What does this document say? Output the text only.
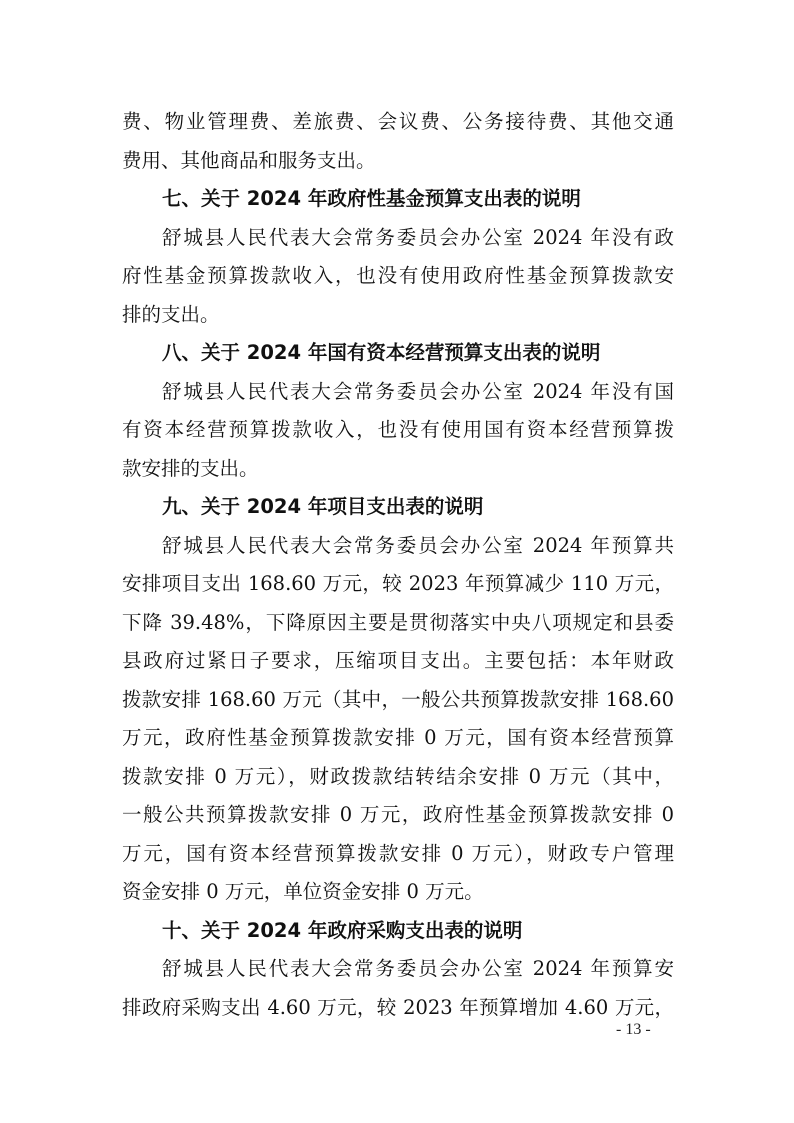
费、物业管理费、差旅费、会议费、公务接待费、其他交通
费用、其他商品和服务支出。
七、关于 2024 年政府性基金预算支出表的说明
舒城县人民代表大会常务委员会办公室 2024 年没有政
府性基金预算拨款收入，也没有使用政府性基金预算拨款安
排的支出。
八、关于 2024 年国有资本经营预算支出表的说明
舒城县人民代表大会常务委员会办公室 2024 年没有国
有资本经营预算拨款收入，也没有使用国有资本经营预算拨
款安排的支出。
九、关于 2024 年项目支出表的说明
舒城县人民代表大会常务委员会办公室 2024 年预算共
安排项目支出 168.60 万元，较 2023 年预算减少 110 万元，
下降 39.48%，下降原因主要是贯彻落实中央八项规定和县委
县政府过紧日子要求，压缩项目支出。主要包括：本年财政
拨款安排 168.60 万元（其中，一般公共预算拨款安排 168.60
万元，政府性基金预算拨款安排 0 万元，国有资本经营预算
拨款安排 0 万元），财政拨款结转结余安排 0 万元（其中，
一般公共预算拨款安排 0 万元，政府性基金预算拨款安排 0
万元，国有资本经营预算拨款安排 0 万元），财政专户管理
资金安排 0 万元，单位资金安排 0 万元。
十、关于 2024 年政府采购支出表的说明
舒城县人民代表大会常务委员会办公室 2024 年预算安
- 13 -
排政府采购支出 4.60 万元，较 2023 年预算增加 4.60 万元，
